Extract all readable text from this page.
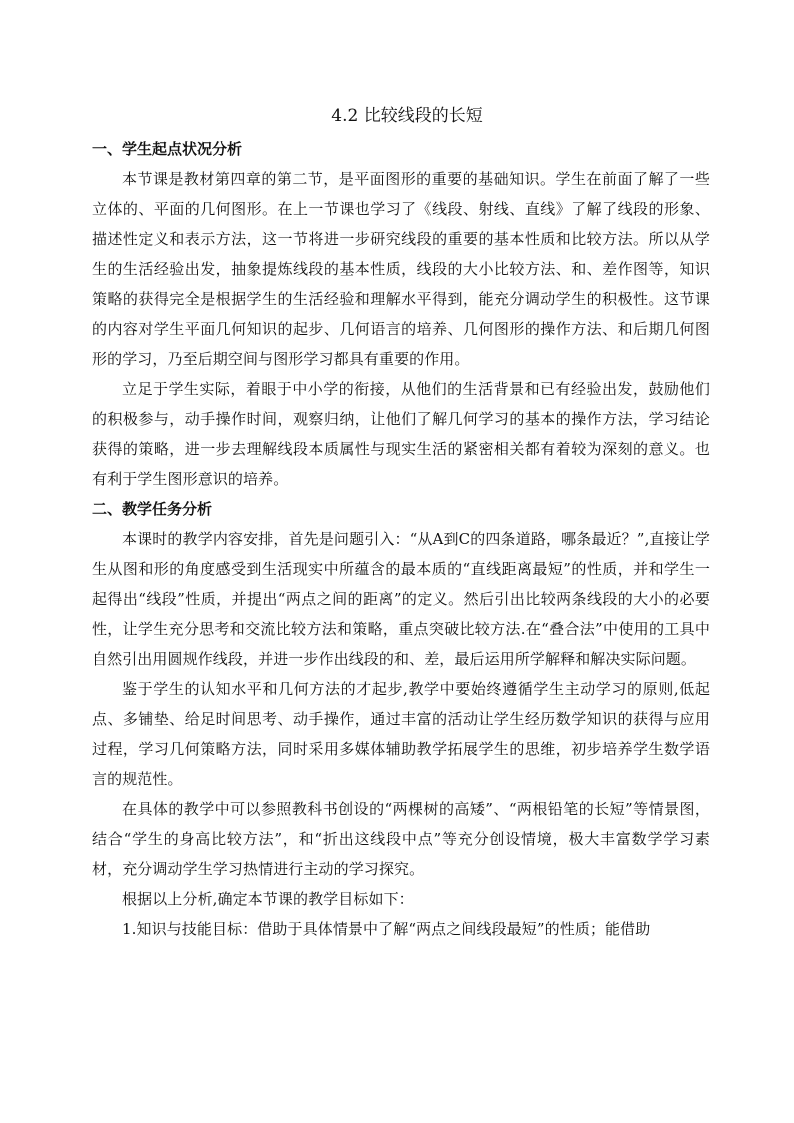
4.2 比较线段的长短
一、学生起点状况分析

本节课是教材第四章的第二节，是平面图形的重要的基础知识。学生在前面了解了一些立体的、平面的几何图形。在上一节课也学习了《线段、射线、直线》了解了线段的形象、描述性定义和表示方法，这一节将进一步研究线段的重要的基本性质和比较方法。所以从学生的生活经验出发，抽象提炼线段的基本性质，线段的大小比较方法、和、差作图等，知识策略的获得完全是根据学生的生活经验和理解水平得到，能充分调动学生的积极性。这节课的内容对学生平面几何知识的起步、几何语言的培养、几何图形的操作方法、和后期几何图形的学习，乃至后期空间与图形学习都具有重要的作用。

立足于学生实际，着眼于中小学的衔接，从他们的生活背景和已有经验出发，鼓励他们的积极参与，动手操作时间，观察归纳，让他们了解几何学习的基本的操作方法，学习结论获得的策略，进一步去理解线段本质属性与现实生活的紧密相关都有着较为深刻的意义。也有利于学生图形意识的培养。

二、教学任务分析

本课时的教学内容安排，首先是问题引入：“从A到C的四条道路，哪条最近？”,直接让学生从图和形的角度感受到生活现实中所蕴含的最本质的“直线距离最短”的性质，并和学生一起得出“线段”性质，并提出“两点之间的距离”的定义。然后引出比较两条线段的大小的必要性，让学生充分思考和交流比较方法和策略，重点突破比较方法.在“叠合法”中使用的工具中自然引出用圆规作线段，并进一步作出线段的和、差，最后运用所学解释和解决实际问题。

鉴于学生的认知水平和几何方法的才起步,教学中要始终遵循学生主动学习的原则,低起点、多铺垫、给足时间思考、动手操作，通过丰富的活动让学生经历数学知识的获得与应用过程，学习几何策略方法，同时采用多媒体辅助教学拓展学生的思维，初步培养学生数学语言的规范性。

在具体的教学中可以参照教科书创设的“两棵树的高矮”、“两根铅笔的长短”等情景图，结合“学生的身高比较方法”，和“折出这线段中点”等充分创设情境，极大丰富数学学习素材，充分调动学生学习热情进行主动的学习探究。

根据以上分析,确定本节课的教学目标如下：

1.知识与技能目标：借助于具体情景中了解“两点之间线段最短”的性质；能借助
